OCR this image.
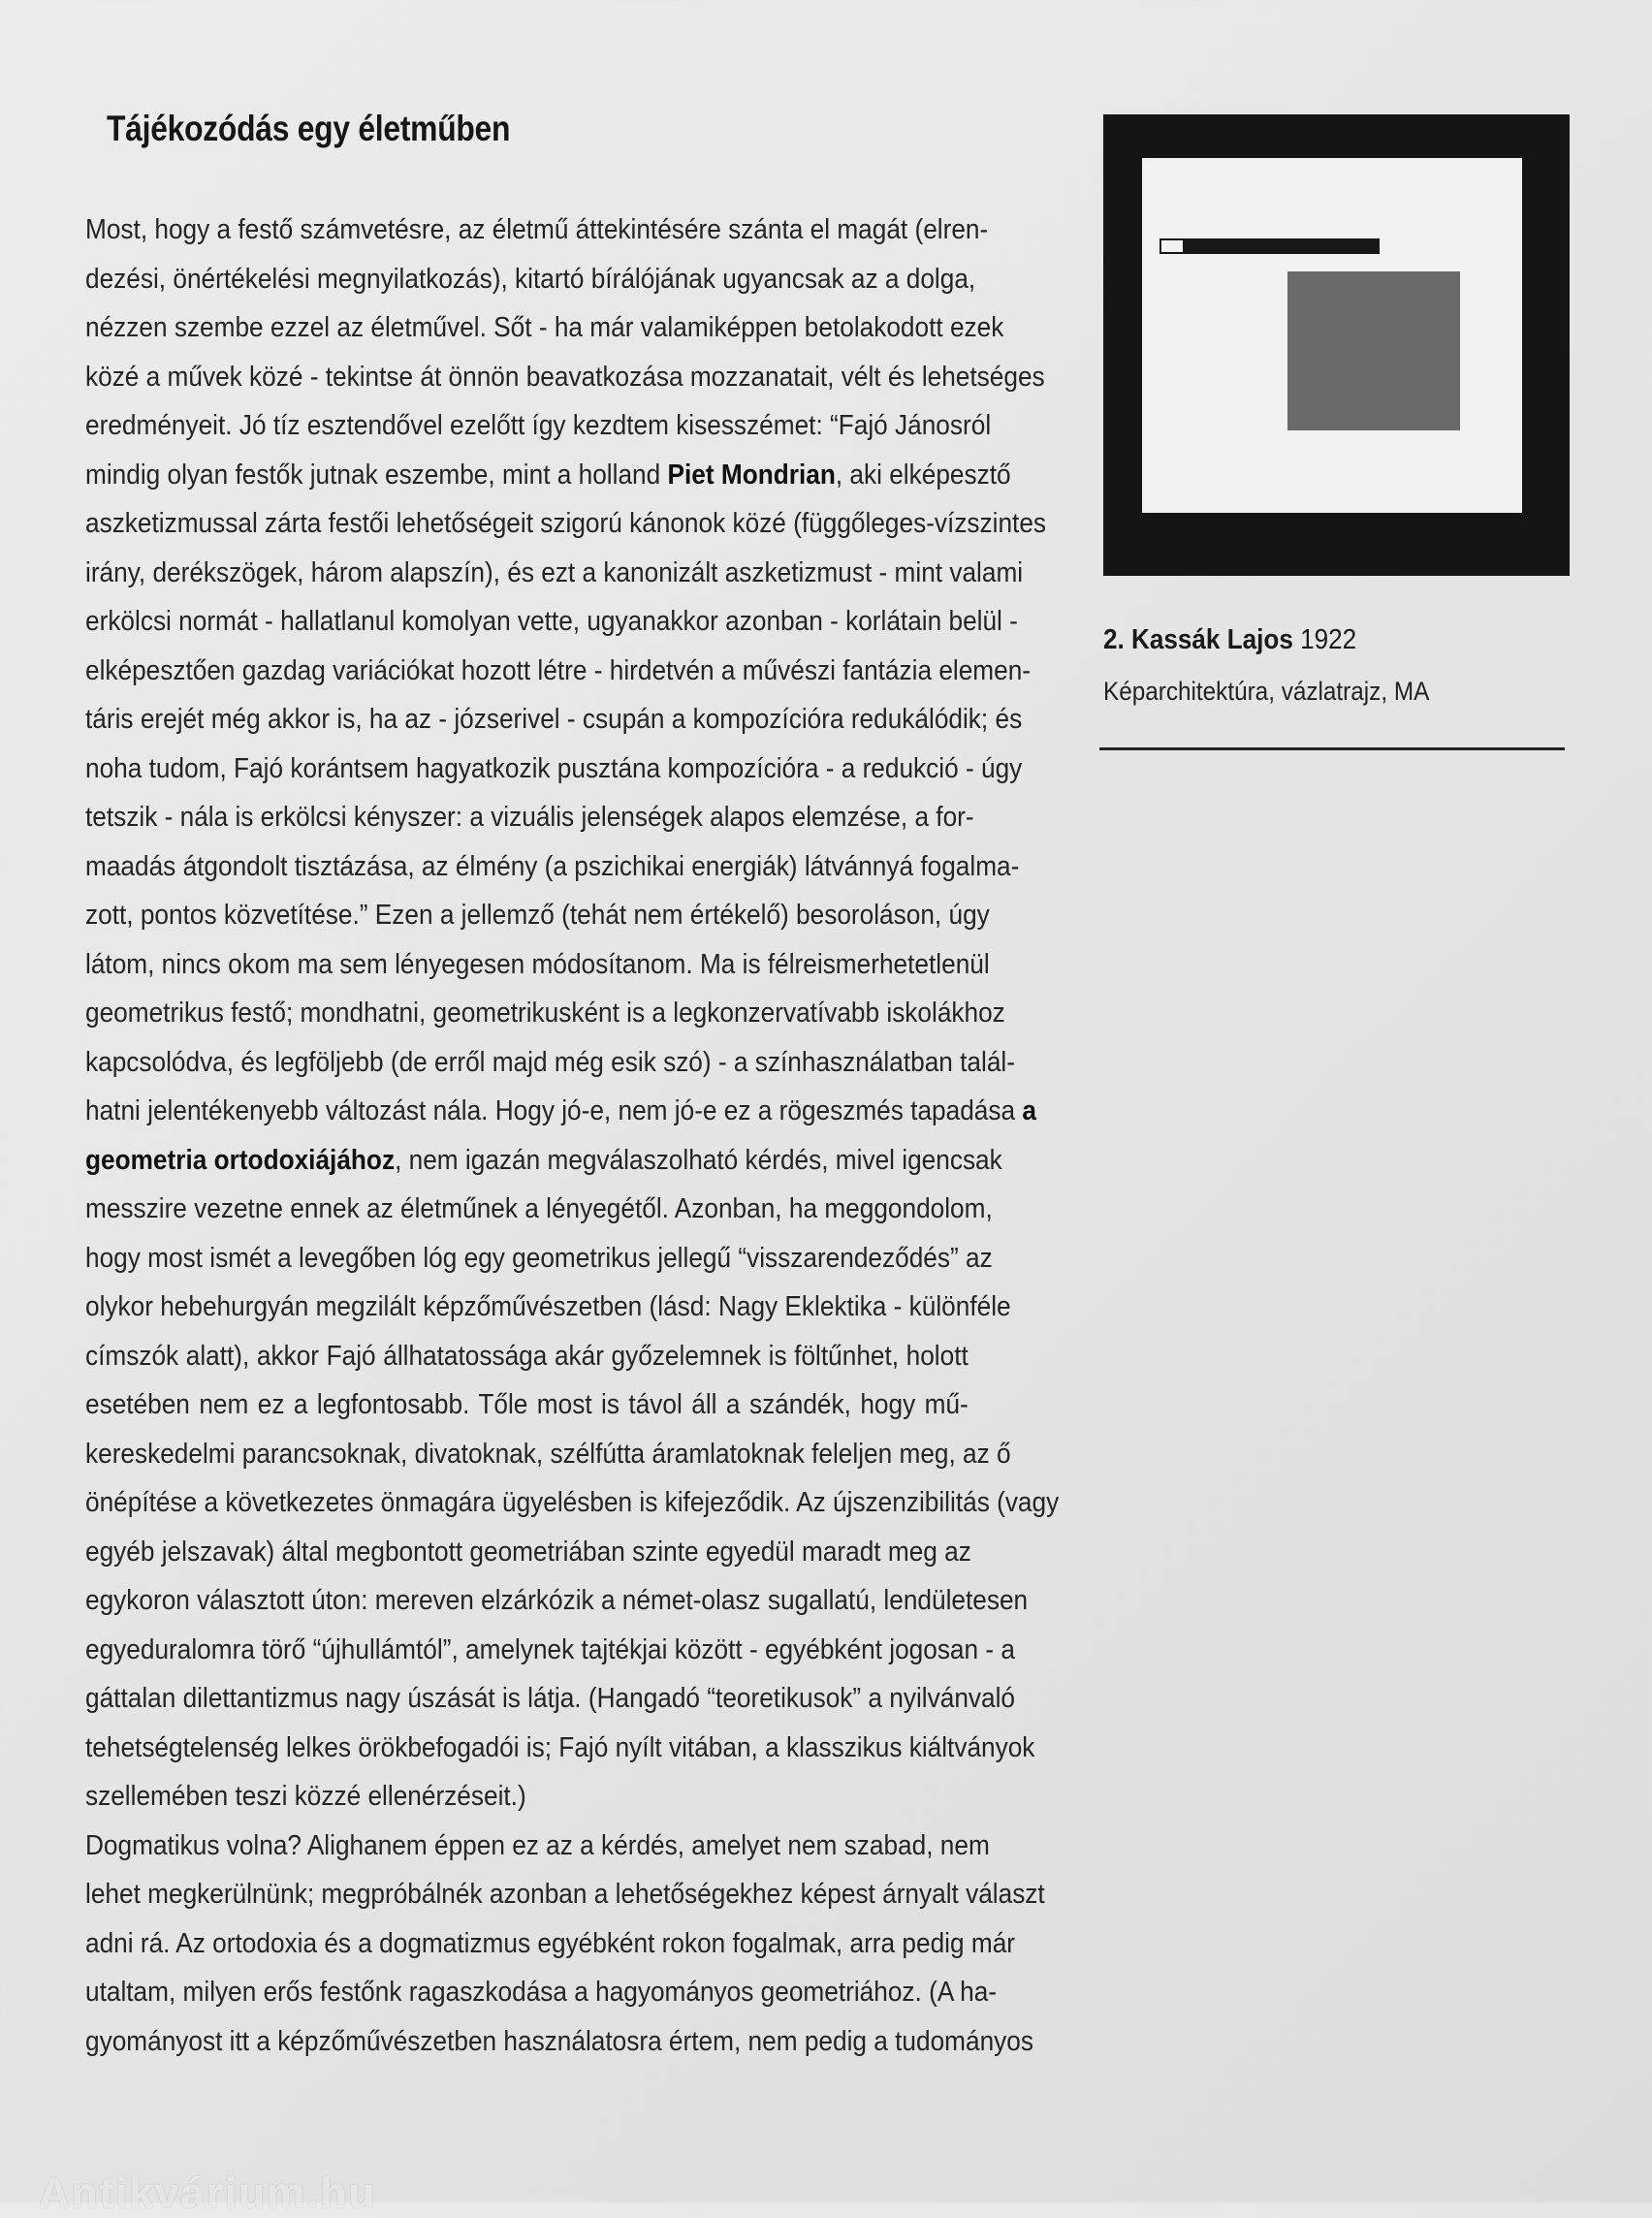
Tájékozódás egy életműben
Most, hogy a festő számvetésre, az életmű áttekintésére szánta el magát (elren-
dezési, önértékelési megnyilatkozás), kitartó bírálójának ugyancsak az a dolga,
nézzen szembe ezzel az életművel. Sőt - ha már valamiképpen betolakodott ezek
közé a művek közé - tekintse át önnön beavatkozása mozzanatait, vélt és lehetséges
eredményeit. Jó tíz esztendővel ezelőtt így kezdtem kisesszémet: “Fajó Jánosról
mindig olyan festők jutnak eszembe, mint a holland Piet Mondrian, aki elképesztő
aszketizmussal zárta festői lehetőségeit szigorú kánonok közé (függőleges-vízszintes
irány, derékszögek, három alapszín), és ezt a kanonizált aszketizmust - mint valami
erkölcsi normát - hallatlanul komolyan vette, ugyanakkor azonban - korlátain belül -
elképesztően gazdag variációkat hozott létre - hirdetvén a művészi fantázia elemen-
táris erejét még akkor is, ha az - józserivel - csupán a kompozícióra redukálódik; és
noha tudom, Fajó korántsem hagyatkozik pusztána kompozícióra - a redukció - úgy
tetszik - nála is erkölcsi kényszer: a vizuális jelenségek alapos elemzése, a for-
maadás átgondolt tisztázása, az élmény (a pszichikai energiák) látvánnyá fogalma-
zott, pontos közvetítése.” Ezen a jellemző (tehát nem értékelő) besoroláson, úgy
látom, nincs okom ma sem lényegesen módosítanom. Ma is félreismerhetetlenül
geometrikus festő; mondhatni, geometrikusként is a legkonzervatívabb iskolákhoz
kapcsolódva, és legföljebb (de erről majd még esik szó) - a színhasználatban talál-
hatni jelentékenyebb változást nála. Hogy jó-e, nem jó-e ez a rögeszmés tapadása a
geometria ortodoxiájához, nem igazán megválaszolható kérdés, mivel igencsak
messzire vezetne ennek az életműnek a lényegétől. Azonban, ha meggondolom,
hogy most ismét a levegőben lóg egy geometrikus jellegű “visszarendeződés” az
olykor hebehurgyán megzilált képzőművészetben (lásd: Nagy Eklektika - különféle
címszók alatt), akkor Fajó állhatatossága akár győzelemnek is föltűnhet, holott
esetében nem ez a legfontosabb. Tőle most is távol áll a szándék, hogy mű-
kereskedelmi parancsoknak, divatoknak, szélfútta áramlatoknak feleljen meg, az ő
önépítése a következetes önmagára ügyelésben is kifejeződik. Az újszenzibilitás (vagy
egyéb jelszavak) által megbontott geometriában szinte egyedül maradt meg az
egykoron választott úton: mereven elzárkózik a német-olasz sugallatú, lendületesen
egyeduralomra törő “újhullámtól”, amelynek tajtékjai között - egyébként jogosan - a
gáttalan dilettantizmus nagy úszását is látja. (Hangadó “teoretikusok” a nyilvánvaló
tehetségtelenség lelkes örökbefogadói is; Fajó nyílt vitában, a klasszikus kiáltványok
szellemében teszi közzé ellenérzéseit.)
Dogmatikus volna? Alighanem éppen ez az a kérdés, amelyet nem szabad, nem
lehet megkerülnünk; megpróbálnék azonban a lehetőségekhez képest árnyalt választ
adni rá. Az ortodoxia és a dogmatizmus egyébként rokon fogalmak, arra pedig már
utaltam, milyen erős festőnk ragaszkodása a hagyományos geometriához. (A ha-
gyományost itt a képzőművészetben használatosra értem, nem pedig a tudományos
2. Kassák Lajos 1922
Képarchitektúra, vázlatrajz, MA
Antikvárium.hu
